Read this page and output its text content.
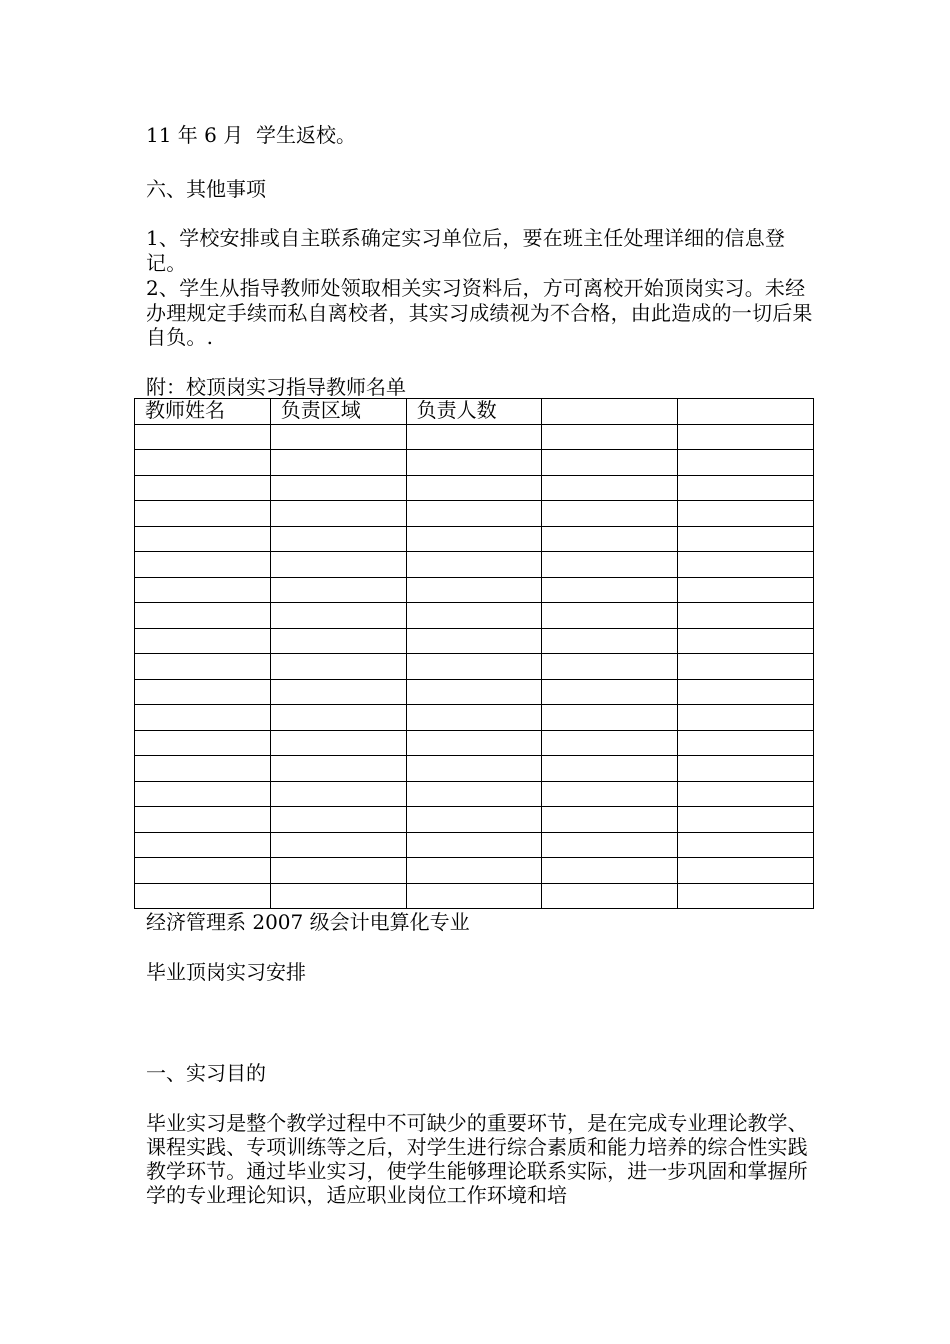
11 年 6 月  学生返校。
六、其他事项
1、学校安排或自主联系确定实习单位后，要在班主任处理详细的信息登记。
2、学生从指导教师处领取相关实习资料后，方可离校开始顶岗实习。未经办理规定手续而私自离校者，其实习成绩视为不合格，由此造成的一切后果自负。.
附：校顶岗实习指导教师名单
教师姓名	负责区域	负责人数		

经济管理系 2007 级会计电算化专业
毕业顶岗实习安排
一、实习目的
毕业实习是整个教学过程中不可缺少的重要环节，是在完成专业理论教学、课程实践、专项训练等之后，对学生进行综合素质和能力培养的综合性实践教学环节。通过毕业实习，使学生能够理论联系实际，进一步巩固和掌握所学的专业理论知识，适应职业岗位工作环境和培
